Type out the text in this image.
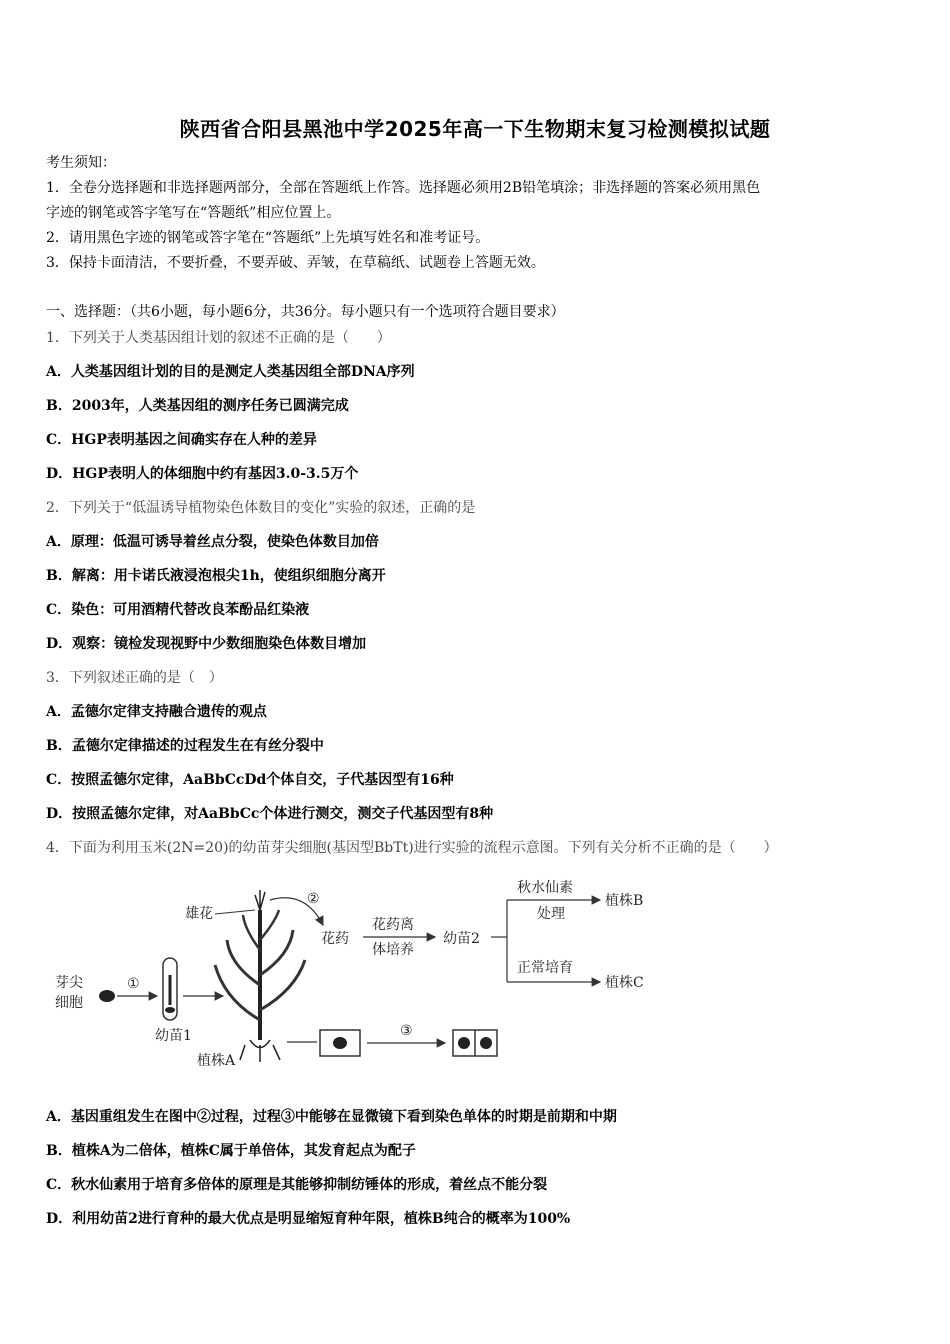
陕西省合阳县黑池中学2025年高一下生物期末复习检测模拟试题
考生须知：
1．全卷分选择题和非选择题两部分，全部在答题纸上作答。选择题必须用2B铅笔填涂；非选择题的答案必须用黑色
字迹的钢笔或答字笔写在“答题纸”相应位置上。
2．请用黑色字迹的钢笔或答字笔在“答题纸”上先填写姓名和准考证号。
3．保持卡面清洁，不要折叠，不要弄破、弄皱，在草稿纸、试题卷上答题无效。
一、选择题：（共6小题，每小题6分，共36分。每小题只有一个选项符合题目要求）
1．下列关于人类基因组计划的叙述不正确的是（　　）
A．人类基因组计划的目的是测定人类基因组全部DNA序列
B．2003年，人类基因组的测序任务已圆满完成
C．HGP表明基因之间确实存在人种的差异
D．HGP表明人的体细胞中约有基因3.0-3.5万个
2．下列关于“低温诱导植物染色体数目的变化”实验的叙述，正确的是
A．原理：低温可诱导着丝点分裂，使染色体数目加倍
B．解离：用卡诺氏液浸泡根尖1h，使组织细胞分离开
C．染色：可用酒精代替改良苯酚品红染液
D．观察：镜检发现视野中少数细胞染色体数目增加
3．下列叙述正确的是（　）
A．孟德尔定律支持融合遗传的观点
B．孟德尔定律描述的过程发生在有丝分裂中
C．按照孟德尔定律，AaBbCcDd个体自交，子代基因型有16种
D．按照孟德尔定律，对AaBbCc个体进行测交，测交子代基因型有8种
4．下面为利用玉米(2N=20)的幼苗芽尖细胞(基因型BbTt)进行实验的流程示意图。下列有关分析不正确的是（　　）
芽尖
细胞
①
幼苗1
雄花
植株A
②
花药
花药离
体培养
幼苗2
秋水仙素
处理
正常培育
植株B
植株C
③
A．基因重组发生在图中②过程，过程③中能够在显微镜下看到染色单体的时期是前期和中期
B．植株A为二倍体，植株C属于单倍体，其发育起点为配子
C．秋水仙素用于培育多倍体的原理是其能够抑制纺锤体的形成，着丝点不能分裂
D．利用幼苗2进行育种的最大优点是明显缩短育种年限，植株B纯合的概率为100%
